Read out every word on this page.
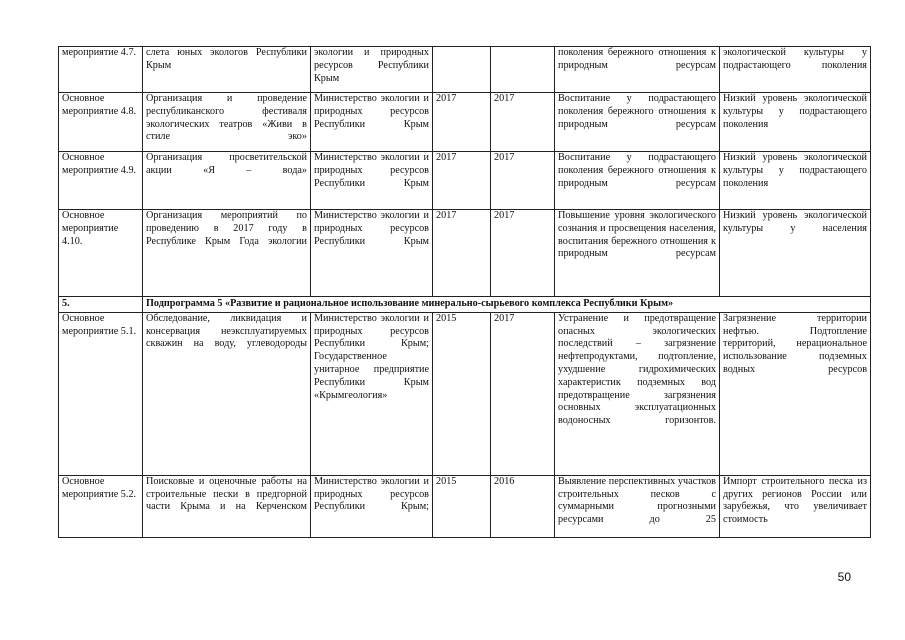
мероприятие 4.7.	слета юных экологов Республики Крым	экологии и природных ресурсов Республики Крым			поколения бережного отношения к природным ресурсам	экологической культуры у подрастающего поколения
Основное мероприятие 4.8.	Организация и проведение республиканского фестиваля экологических театров «Живи в стиле эко»	Министерство экологии и природных ресурсов Республики Крым	2017	2017	Воспитание у подрастающего поколения бережного отношения к природным ресурсам	Низкий уровень экологической культуры у подрастающего поколения
Основное мероприятие 4.9.	Организация просветительской акции «Я – вода»	Министерство экологии и природных ресурсов Республики Крым	2017	2017	Воспитание у подрастающего поколения бережного отношения к природным ресурсам	Низкий уровень экологической культуры у подрастающего поколения
Основное мероприятие 4.10.	Организация мероприятий по проведению в 2017 году в Республике Крым Года экологии	Министерство экологии и природных ресурсов Республики Крым	2017	2017	Повышение уровня экологического сознания и просвещения населения, воспитания бережного отношения к природным ресурсам	Низкий уровень экологической культуры у населения
5.	Подпрограмма 5 «Развитие и рациональное использование минерально-сырьевого комплекса Республики Крым»					
Основное мероприятие 5.1.	Обследование, ликвидация и консервация неэксплуатируемых скважин на воду, углеводороды	Министерство экологии и природных ресурсов Республики Крым; Государственное унитарное предприятие Республики Крым «Крымгеология»	2015	2017	Устранение и предотвращение опасных экологических последствий – загрязнение нефтепродуктами, подтопление, ухудшение гидрохимических характеристик подземных вод предотвращение загрязнения основных эксплуатационных водоносных горизонтов.	Загрязнение территории нефтью. Подтопление территорий, нерациональное использование подземных водных ресурсов
Основное мероприятие 5.2.	Поисковые и оценочные работы на строительные пески в предгорной части Крыма и на Керченском	Министерство экологии и природных ресурсов Республики Крым;	2015	2016	Выявление перспективных участков строительных песков с суммарными прогнозными ресурсами до 25	Импорт строительного песка из других регионов России или зарубежья, что увеличивает стоимость
50
